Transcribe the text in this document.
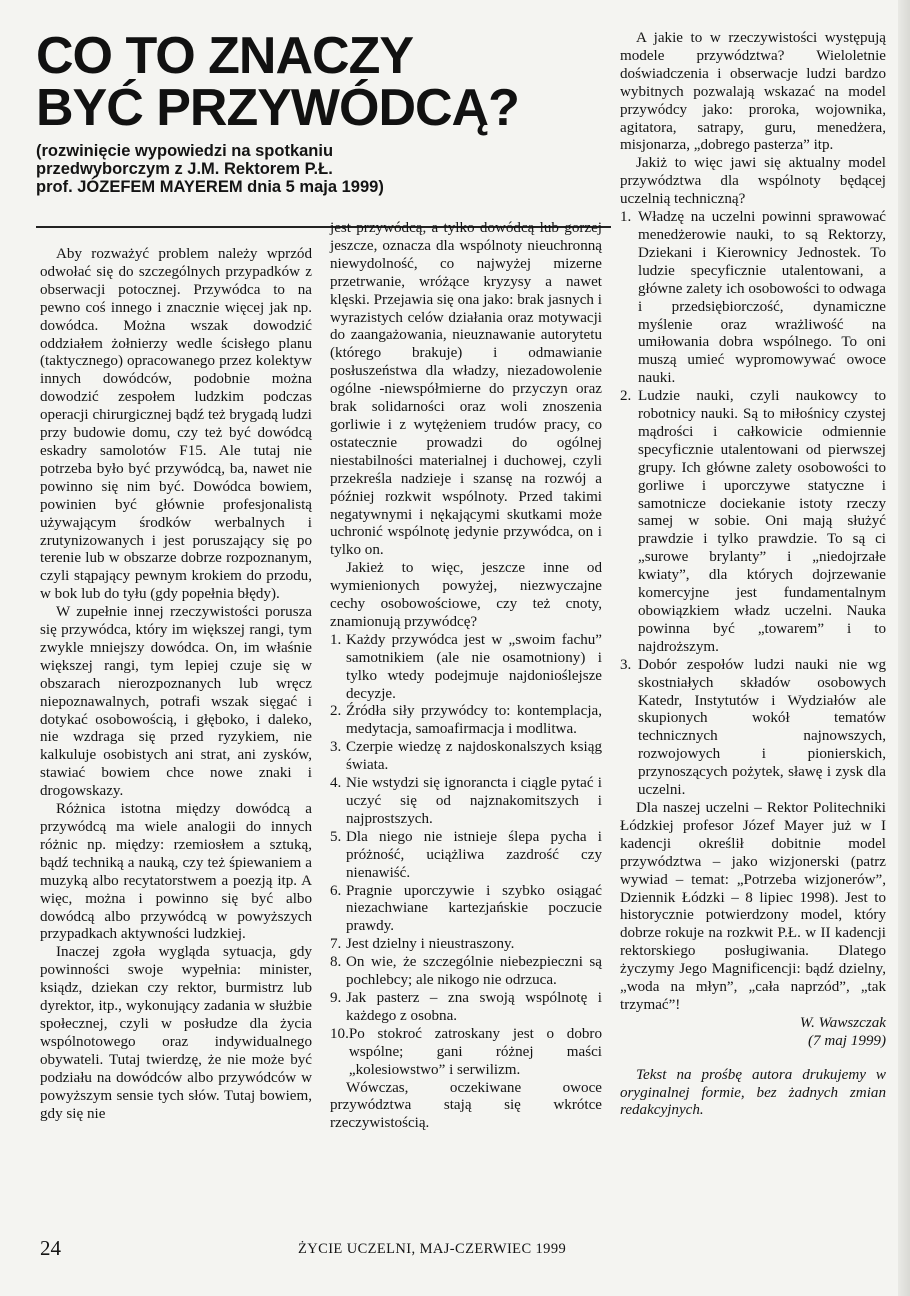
CO TO ZNACZY
BYĆ PRZYWÓDCĄ?
(rozwinięcie wypowiedzi na spotkaniu
przedwyborczym z J.M. Rektorem P.Ł.
prof. JÓZEFEM MAYEREM dnia 5 maja 1999)

Aby rozważyć problem należy wprzód odwołać się do szczególnych przypadków z obserwacji potocznej. Przywódca to na pewno coś innego i znacznie więcej jak np. dowódca. Można wszak dowodzić oddziałem żołnierzy wedle ścisłego planu (taktycznego) opracowanego przez kolektyw innych dowódców, podobnie można dowodzić zespołem ludzkim podczas operacji chirurgicznej bądź też brygadą ludzi przy budowie domu, czy też być dowódcą eskadry samolotów F15. Ale tutaj nie potrzeba było być przywódcą, ba, nawet nie powinno się nim być. Dowódca bowiem, powinien być głównie profesjonalistą używającym środków werbalnych i zrutynizowanych i jest poruszający się po terenie lub w obszarze dobrze rozpoznanym, czyli stąpający pewnym krokiem do przodu, w bok lub do tyłu (gdy popełnia błędy).

W zupełnie innej rzeczywistości porusza się przywódca, który im większej rangi, tym zwykle mniejszy dowódca. On, im właśnie większej rangi, tym lepiej czuje się w obszarach nierozpoznanych lub wręcz niepoznawalnych, potrafi wszak sięgać i dotykać osobowością, i głęboko, i daleko, nie wzdraga się przed ryzykiem, nie kalkuluje osobistych ani strat, ani zysków, stawiać bowiem chce nowe znaki i drogowskazy.

Różnica istotna między dowódcą a przywódcą ma wiele analogii do innych różnic np. między: rzemiosłem a sztuką, bądź techniką a nauką, czy też śpiewaniem a muzyką albo recytatorstwem a poezją itp. A więc, można i powinno się być albo dowódcą albo przywódcą w powyższych przypadkach aktywności ludzkiej.

Inaczej zgoła wygląda sytuacja, gdy powinności swoje wypełnia: minister, ksiądz, dziekan czy rektor, burmistrz lub dyrektor, itp., wykonujący zadania w służbie społecznej, czyli w posłudze dla życia wspólnotowego oraz indywidualnego obywateli. Tutaj twierdzę, że nie może być podziału na dowódców albo przywódców w powyższym sensie tych słów. Tutaj bowiem, gdy się nie

jest przywódcą, a tylko dowódcą lub gorzej jeszcze, oznacza dla wspólnoty nieuchronną niewydolność, co najwyżej mizerne przetrwanie, wróżące kryzysy a nawet klęski. Przejawia się ona jako: brak jasnych i wyrazistych celów działania oraz motywacji do zaangażowania, nieuznawanie autorytetu (którego brakuje) i odmawianie posłuszeństwa dla władzy, niezadowolenie ogólne -niewspółmierne do przyczyn oraz brak solidarności oraz woli znoszenia gorliwie i z wytężeniem trudów pracy, co ostatecznie prowadzi do ogólnej niestabilności materialnej i duchowej, czyli przekreśla nadzieje i szansę na rozwój a później rozkwit wspólnoty. Przed takimi negatywnymi i nękającymi skutkami może uchronić wspólnotę jedynie przywódca, on i tylko on.

Jakież to więc, jeszcze inne od wymienionych powyżej, niezwyczajne cechy osobowościowe, czy też cnoty, znamionują przywódcę?

1. Każdy przywódca jest w „swoim fachu” samotnikiem (ale nie osamotniony) i tylko wtedy podejmuje najdonioślejsze decyzje.
2. Źródła siły przywódcy to: kontemplacja, medytacja, samoafirmacja i modlitwa.
3. Czerpie wiedzę z najdoskonalszych ksiąg świata.
4. Nie wstydzi się ignorancta i ciągle pytać i uczyć się od najznakomitszych i najprostszych.
5. Dla niego nie istnieje ślepa pycha i próżność, uciążliwa zazdrość czy nienawiść.
6. Pragnie uporczywie i szybko osiągać niezachwiane kartezjańskie poczucie prawdy.
7. Jest dzielny i nieustraszony.
8. On wie, że szczególnie niebezpieczni są pochlebcy; ale nikogo nie odrzuca.
9. Jak pasterz – zna swoją wspólnotę i każdego z osobna.
10. Po stokroć zatroskany jest o dobro wspólne; gani różnej maści „kolesiowstwo” i serwilizm.

Wówczas, oczekiwane owoce przywództwa stają się wkrótce rzeczywistością.

A jakie to w rzeczywistości występują modele przywództwa? Wieloletnie doświadczenia i obserwacje ludzi bardzo wybitnych pozwalają wskazać na model przywódcy jako: proroka, wojownika, agitatora, satrapy, guru, menedżera, misjonarza, „dobrego pasterza” itp.

Jakiż to więc jawi się aktualny model przywództwa dla wspólnoty będącej uczelnią techniczną?

1. Władzę na uczelni powinni sprawować menedżerowie nauki, to są Rektorzy, Dziekani i Kierownicy Jednostek. To ludzie specyficznie utalentowani, a główne zalety ich osobowości to odwaga i przedsiębiorczość, dynamiczne myślenie oraz wrażliwość na umiłowania dobra wspólnego. To oni muszą umieć wypromowywać owoce nauki.
2. Ludzie nauki, czyli naukowcy to robotnicy nauki. Są to miłośnicy czystej mądrości i całkowicie odmiennie specyficznie utalentowani od pierwszej grupy. Ich główne zalety osobowości to gorliwe i uporczywe statyczne i samotnicze dociekanie istoty rzeczy samej w sobie. Oni mają służyć prawdzie i tylko prawdzie. To są ci „surowe brylanty” i „niedojrzałe kwiaty”, dla których dojrzewanie komercyjne jest fundamentalnym obowiązkiem władz uczelni. Nauka powinna być „towarem” i to najdroższym.
3. Dobór zespołów ludzi nauki nie wg skostniałych składów osobowych Katedr, Instytutów i Wydziałów ale skupionych wokół tematów technicznych najnowszych, rozwojowych i pionierskich, przynoszących pożytek, sławę i zysk dla uczelni.

Dla naszej uczelni – Rektor Politechniki Łódzkiej profesor Józef Mayer już w I kadencji określił dobitnie model przywództwa – jako wizjonerski (patrz wywiad – temat: „Potrzeba wizjonerów”, Dziennik Łódzki – 8 lipiec 1998). Jest to historycznie potwierdzony model, który dobrze rokuje na rozkwit P.Ł. w II kadencji rektorskiego posługiwania. Dlatego życzymy Jego Magnificencji: bądź dzielny, „woda na młyn”, „cała naprzód”, „tak trzymać”!

W. Wawszczak
(7 maj 1999)
Tekst na prośbę autora drukujemy w oryginalnej formie, bez żadnych zmian redakcyjnych.
24	ŻYCIE UCZELNI, MAJ-CZERWIEC 1999
